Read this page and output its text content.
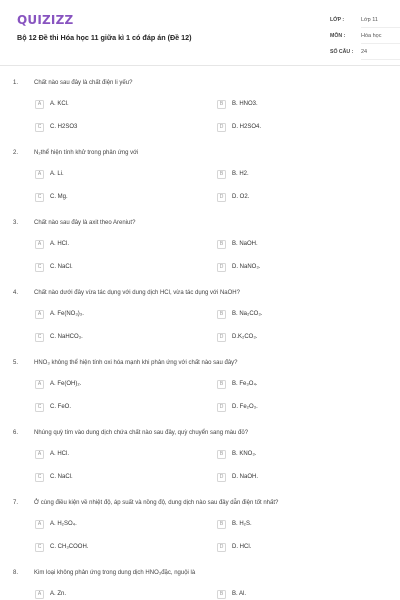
QUIZIZZ
Bộ 12 Đề thi Hóa học 11 giữa kì 1 có đáp án (Đề 12)
LỚP :	Lớp 11
MÔN :	Hóa học
SỐ CÂU :	24
1.	Chất nào sau đây là chất điện li yếu?
A	A. KCl.	B	B. HNO3.
C	C. H2SO3	D	D. H2SO4.
2.	N₂thể hiện tính khử trong phản ứng với
A	A. Li.	B	B. H2.
C	C. Mg.	D	D. O2.
3.	Chất nào sau đây là axit theo Areniut?
A	A. HCl.	B	B. NaOH.
C	C. NaCl.	D	D. NaNO₃.
4.	Chất nào dưới đây vừa tác dụng với dung dịch HCl, vừa tác dụng với NaOH?
A	A. Fe(NO₃)₃.	B	B. Na₂CO₃.
C	C. NaHCO₃.	D	D.K₂CO₃.
5.	HNO₃ không thể hiện tính oxi hóa mạnh khi phản ứng với chất nào sau đây?
A	A. Fe(OH)₂.	B	B. Fe₃O₄.
C	C. FeO.	D	D. Fe₂O₃.
6.	Nhúng quỳ tím vào dung dịch chứa chất nào sau đây, quỳ chuyển sang màu đỏ?
A	A. HCl.	B	B. KNO₃.
C	C. NaCl.	D	D. NaOH.
7.	Ở cùng điều kiện về nhiệt độ, áp suất và nồng độ, dung dịch nào sau đây dẫn điện tốt nhất?
A	A. H₂SO₄.	B	B. H₂S.
C	C. CH₃COOH.	D	D. HCl.
8.	Kim loại không phản ứng trong dung dịch HNO₃đặc, nguội là
A	A. Zn.	B	B. Al.
